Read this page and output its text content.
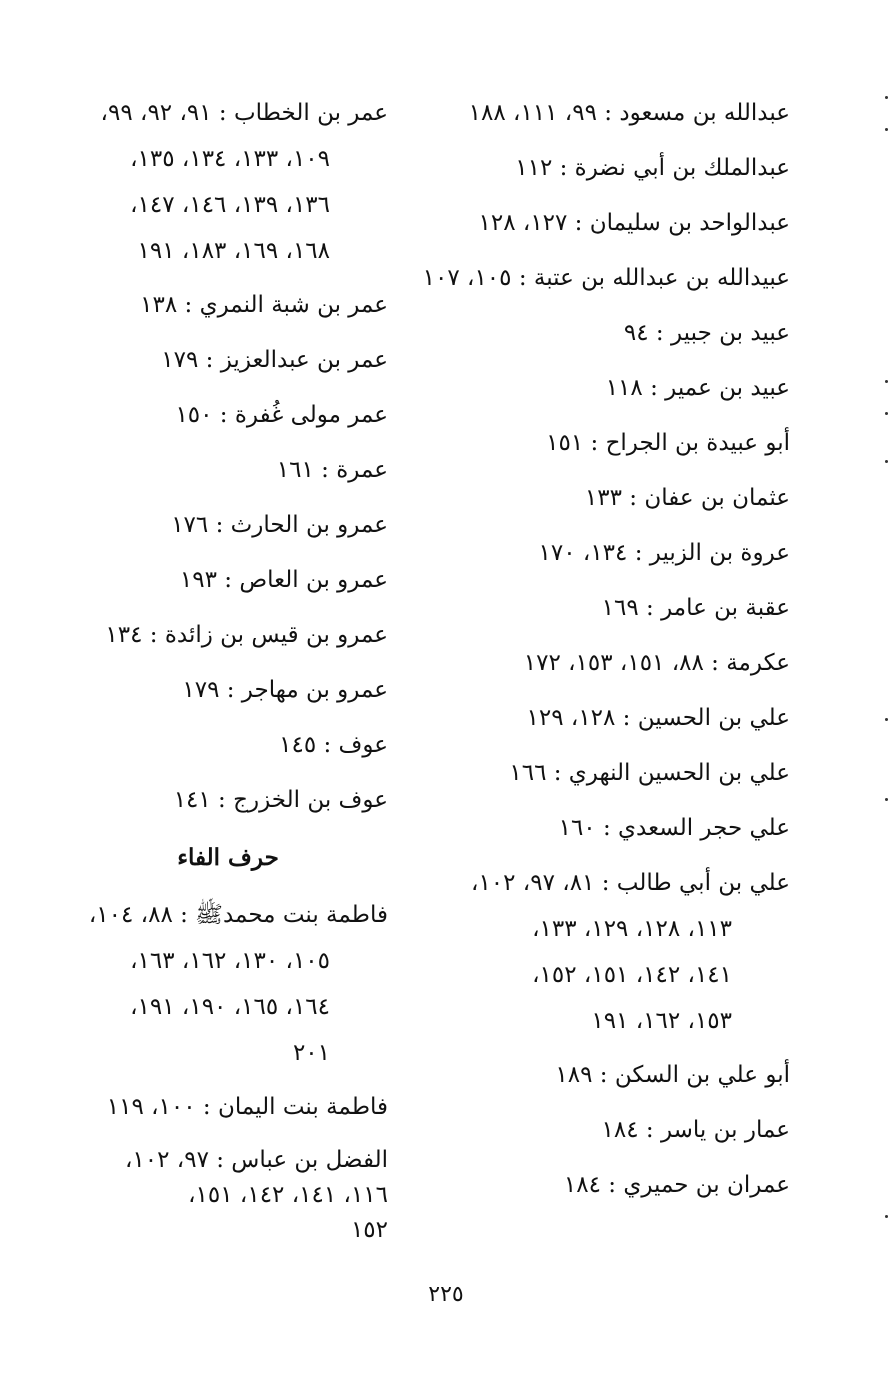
عبدالله بن مسعود : ٩٩، ١١١، ١٨٨
عبدالملك بن أبي نضرة : ١١٢
عبدالواحد بن سليمان : ١٢٧، ١٢٨
عبيدالله بن عبدالله بن عتبة : ١٠٥، ١٠٧
عبيد بن جبير : ٩٤
عبيد بن عمير : ١١٨
أبو عبيدة بن الجراح : ١٥١
عثمان بن عفان : ١٣٣
عروة بن الزبير : ١٣٤، ١٧٠
عقبة بن عامر : ١٦٩
عكرمة : ٨٨، ١٥١، ١٥٣، ١٧٢
علي بن الحسين : ١٢٨، ١٢٩
علي بن الحسين النهري : ١٦٦
علي حجر السعدي : ١٦٠
علي بن أبي طالب : ٨١، ٩٧، ١٠٢،
١١٣، ١٢٨، ١٢٩، ١٣٣،
١٤١، ١٤٢، ١٥١، ١٥٢،
١٥٣، ١٦٢، ١٩١
أبو علي بن السكن : ١٨٩
عمار بن ياسر : ١٨٤
عمران بن حميري : ١٨٤
عمر بن الخطاب : ٩١، ٩٢، ٩٩،
١٠٩، ١٣٣، ١٣٤، ١٣٥،
١٣٦، ١٣٩، ١٤٦، ١٤٧،
١٦٨، ١٦٩، ١٨٣، ١٩١
عمر بن شبة النمري : ١٣٨
عمر بن عبدالعزيز : ١٧٩
عمر مولى غُفرة : ١٥٠
عمرة : ١٦١
عمرو بن الحارث : ١٧٦
عمرو بن العاص : ١٩٣
عمرو بن قيس بن زائدة : ١٣٤
عمرو بن مهاجر : ١٧٩
عوف : ١٤٥
عوف بن الخزرج : ١٤١
حرف الفاء
فاطمة بنت محمدﷺ : ٨٨، ١٠٤،
١٠٥، ١٣٠، ١٦٢، ١٦٣،
١٦٤، ١٦٥، ١٩٠، ١٩١،
٢٠١
فاطمة بنت اليمان : ١٠٠، ١١٩
الفضل بن عباس : ٩٧، ١٠٢،
١١٦، ١٤١، ١٤٢، ١٥١،
١٥٢
٢٢٥
